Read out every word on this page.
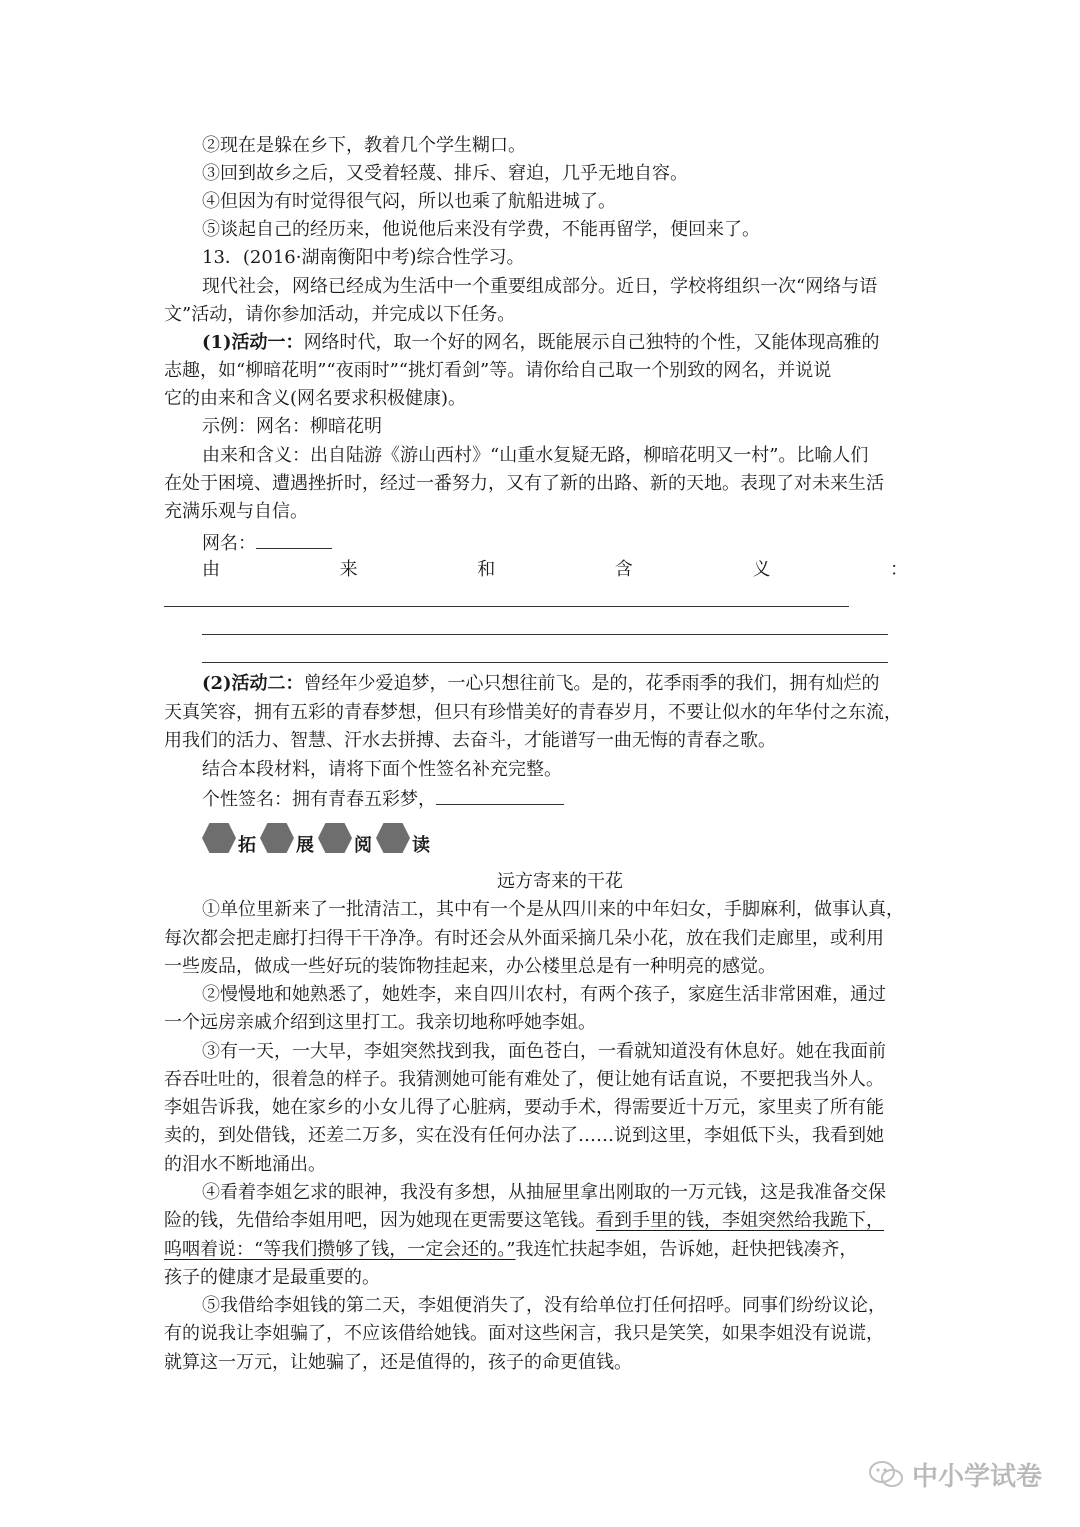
②现在是躲在乡下，教着几个学生糊口。
③回到故乡之后，又受着轻蔑、排斥、窘迫，几乎无地自容。
④但因为有时觉得很气闷，所以也乘了航船进城了。
⑤谈起自己的经历来，他说他后来没有学费，不能再留学，便回来了。
13．(2016·湖南衡阳中考)综合性学习。
现代社会，网络已经成为生活中一个重要组成部分。近日，学校将组织一次“网络与语
文”活动，请你参加活动，并完成以下任务。
(1)活动一：网络时代，取一个好的网名，既能展示自己独特的个性，又能体现高雅的
志趣，如“柳暗花明”“夜雨时”“挑灯看剑”等。请你给自己取一个别致的网名，并说说
它的由来和含义(网名要求积极健康)。
示例：网名：柳暗花明
由来和含义：出自陆游《游山西村》“山重水复疑无路，柳暗花明又一村”。比喻人们
在处于困境、遭遇挫折时，经过一番努力，又有了新的出路、新的天地。表现了对未来生活
充满乐观与自信。
网名：
由	来	和	含	义	：
(2)活动二：曾经年少爱追梦，一心只想往前飞。是的，花季雨季的我们，拥有灿烂的
天真笑容，拥有五彩的青春梦想，但只有珍惜美好的青春岁月，不要让似水的年华付之东流，
用我们的活力、智慧、汗水去拼搏、去奋斗，才能谱写一曲无悔的青春之歌。
结合本段材料，请将下面个性签名补充完整。
个性签名：拥有青春五彩梦，
拓 展 阅 读
远方寄来的干花
①单位里新来了一批清洁工，其中有一个是从四川来的中年妇女，手脚麻利，做事认真，
每次都会把走廊打扫得干干净净。有时还会从外面采摘几朵小花，放在我们走廊里，或利用
一些废品，做成一些好玩的装饰物挂起来，办公楼里总是有一种明亮的感觉。
②慢慢地和她熟悉了，她姓李，来自四川农村，有两个孩子，家庭生活非常困难，通过
一个远房亲戚介绍到这里打工。我亲切地称呼她李姐。
③有一天，一大早，李姐突然找到我，面色苍白，一看就知道没有休息好。她在我面前
吞吞吐吐的，很着急的样子。我猜测她可能有难处了，便让她有话直说，不要把我当外人。
李姐告诉我，她在家乡的小女儿得了心脏病，要动手术，得需要近十万元，家里卖了所有能
卖的，到处借钱，还差二万多，实在没有任何办法了……说到这里，李姐低下头，我看到她
的泪水不断地涌出。
④看着李姐乞求的眼神，我没有多想，从抽屉里拿出刚取的一万元钱，这是我准备交保
险的钱，先借给李姐用吧，因为她现在更需要这笔钱。看到手里的钱，李姐突然给我跪下，
呜咽着说：“等我们攒够了钱，一定会还的。”我连忙扶起李姐，告诉她，赶快把钱凑齐，
孩子的健康才是最重要的。
⑤我借给李姐钱的第二天，李姐便消失了，没有给单位打任何招呼。同事们纷纷议论，
有的说我让李姐骗了，不应该借给她钱。面对这些闲言，我只是笑笑，如果李姐没有说谎，
就算这一万元，让她骗了，还是值得的，孩子的命更值钱。
中小学试卷
